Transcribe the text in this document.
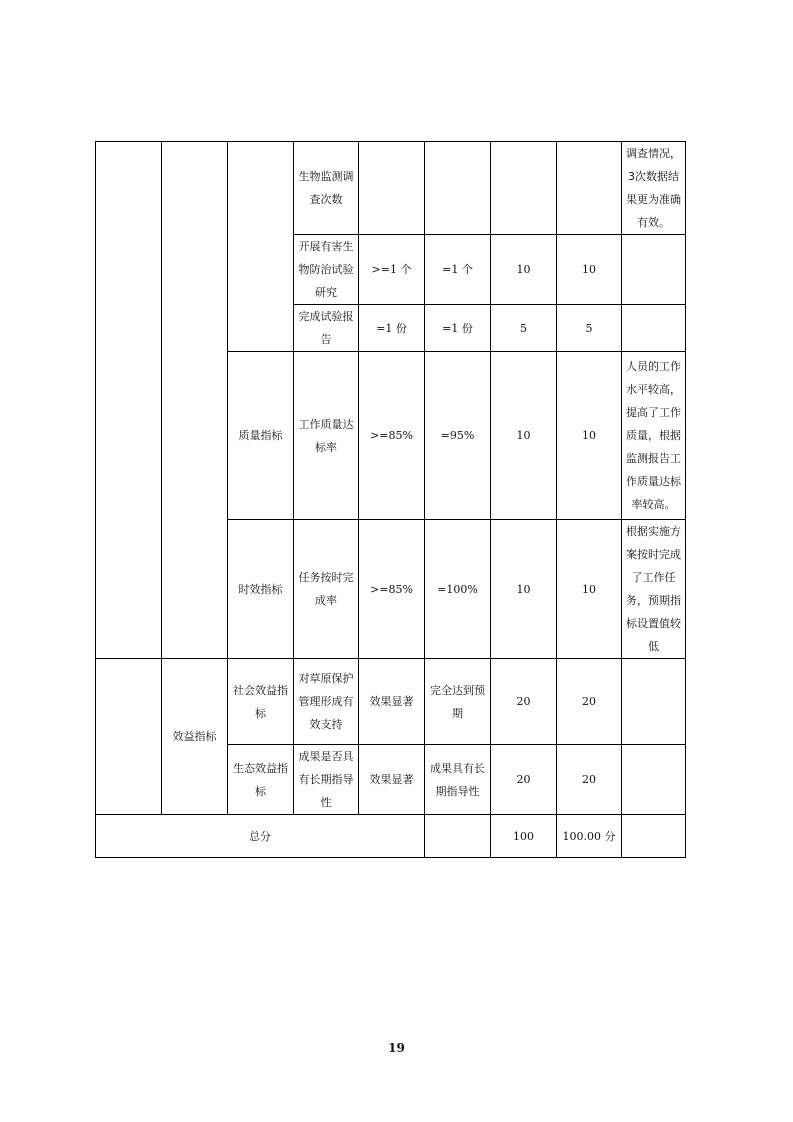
			生物监测调查次数					调查情况，3次数据结果更为准确有效。
			开展有害生物防治试验研究	>=1 个	=1 个	10	10	
			完成试验报告	=1 份	=1 份	5	5	
		质量指标	工作质量达标率	>=85%	=95%	10	10	人员的工作水平较高，提高了工作质量，根据监测报告工作质量达标率较高。
		时效指标	任务按时完成率	>=85%	=100%	10	10	根据实施方案按时完成了工作任务，预期指标设置值较低
	效益指标	社会效益指标	对草原保护管理形成有效支持	效果显著	完全达到预期	20	20	
		生态效益指标	成果是否具有长期指导性	效果显著	成果具有长期指导性	20	20	
总分						100	100.00 分	
19
